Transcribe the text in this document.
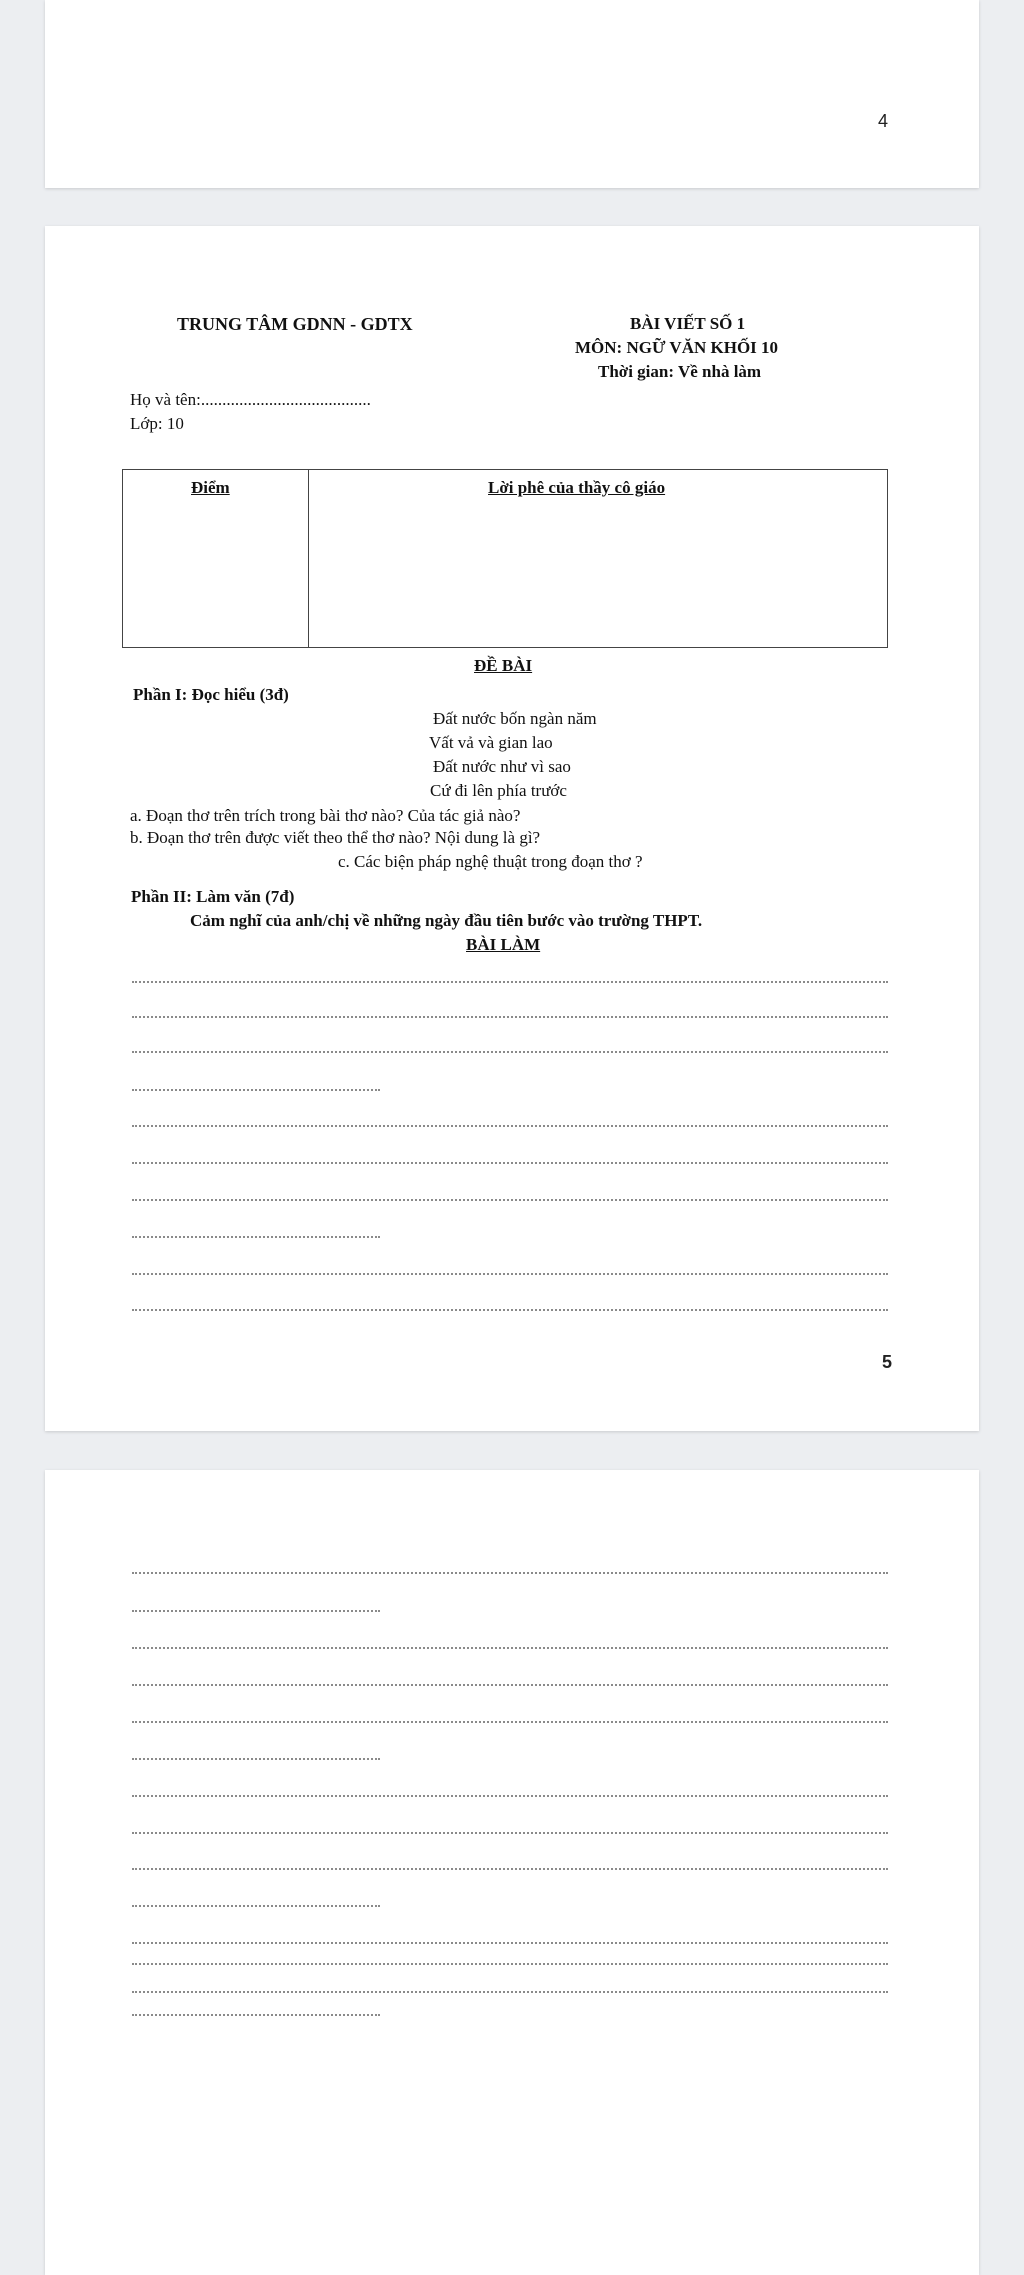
4
TRUNG TÂM GDNN - GDTX	BÀI VIẾT SỐ 1
MÔN: NGỮ VĂN KHỐI 10
Thời gian: Về nhà làm
Họ và tên:........................................
Lớp: 10
Điểm	Lời phê của thầy cô giáo
ĐỀ BÀI
Phần I: Đọc hiểu (3đ)
Đất nước bốn ngàn năm
Vất vả và gian lao
Đất nước như vì sao
Cứ đi lên phía trước
a. Đoạn thơ trên trích trong bài thơ nào? Của tác giả nào?
b. Đoạn thơ trên được viết theo thể thơ nào? Nội dung là gì?
c. Các biện pháp nghệ thuật trong đoạn thơ ?
Phần II: Làm văn (7đ)
Cảm nghĩ của anh/chị về những ngày đầu tiên bước vào trường THPT.
BÀI LÀM
5
